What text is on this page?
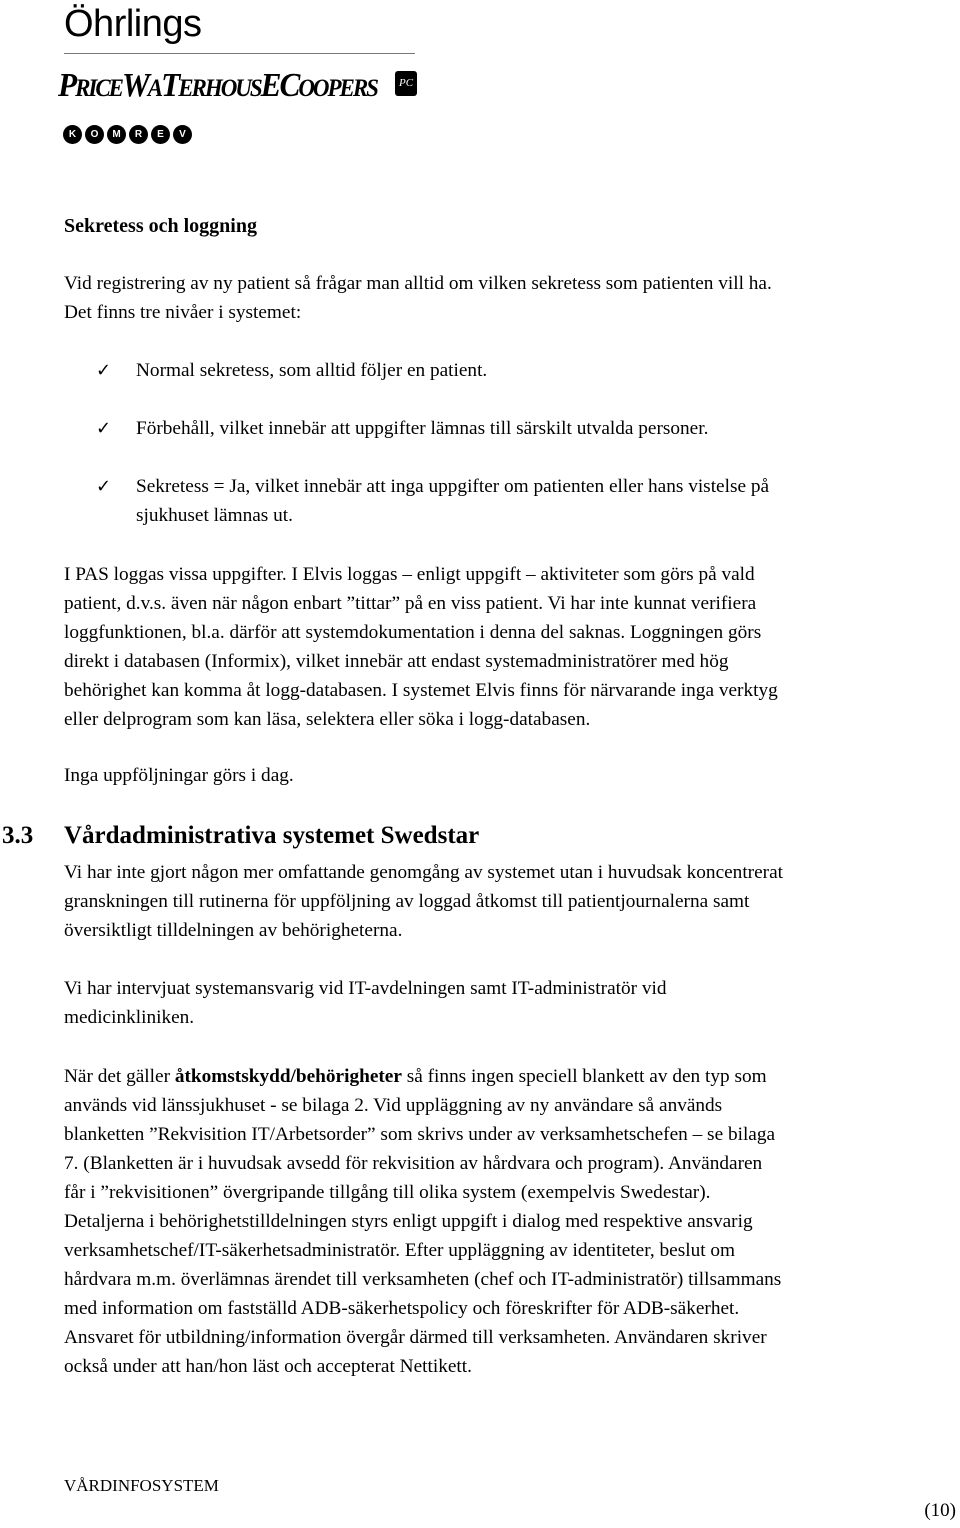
Öhrlings
PRICEWATERHOUSECOOPERS	PC
K	O	M	R	E	V
Sekretess och loggning

Vid registrering av ny patient så frågar man alltid om vilken sekretess som patienten vill ha.
Det finns tre nivåer i systemet:

✓ Normal sekretess, som alltid följer en patient.
✓ Förbehåll, vilket innebär att uppgifter lämnas till särskilt utvalda personer.
✓ Sekretess = Ja, vilket innebär att inga uppgifter om patienten eller hans vistelse på
sjukhuset lämnas ut.

I PAS loggas vissa uppgifter. I Elvis loggas – enligt uppgift – aktiviteter som görs på vald
patient, d.v.s. även när någon enbart ”tittar” på en viss patient. Vi har inte kunnat verifiera
loggfunktionen, bl.a. därför att systemdokumentation i denna del saknas. Loggningen görs
direkt i databasen (Informix), vilket innebär att endast systemadministratörer med hög
behörighet kan komma åt logg-databasen. I systemet Elvis finns för närvarande inga verktyg
eller delprogram som kan läsa, selektera eller söka i logg-databasen.

Inga uppföljningar görs i dag.

3.3 Vårdadministrativa systemet Swedstar

Vi har inte gjort någon mer omfattande genomgång av systemet utan i huvudsak koncentrerat
granskningen till rutinerna för uppföljning av loggad åtkomst till patientjournalerna samt
översiktligt tilldelningen av behörigheterna.

Vi har intervjuat systemansvarig vid IT-avdelningen samt IT-administratör vid
medicinkliniken.

När det gäller åtkomstskydd/behörigheter så finns ingen speciell blankett av den typ som
används vid länssjukhuset - se bilaga 2. Vid uppläggning av ny användare så används
blanketten ”Rekvisition IT/Arbetsorder” som skrivs under av verksamhetschefen – se bilaga
7. (Blanketten är i huvudsak avsedd för rekvisition av hårdvara och program). Användaren
får i ”rekvisitionen” övergripande tillgång till olika system (exempelvis Swedestar).
Detaljerna i behörighetstilldelningen styrs enligt uppgift i dialog med respektive ansvarig
verksamhetschef/IT-säkerhetsadministratör. Efter uppläggning av identiteter, beslut om
hårdvara m.m. överlämnas ärendet till verksamheten (chef och IT-administratör) tillsammans
med information om fastställd ADB-säkerhetspolicy och föreskrifter för ADB-säkerhet.
Ansvaret för utbildning/information övergår därmed till verksamheten. Användaren skriver
också under att han/hon läst och accepterat Nettikett.

VÅRDINFOSYSTEM
(10)
